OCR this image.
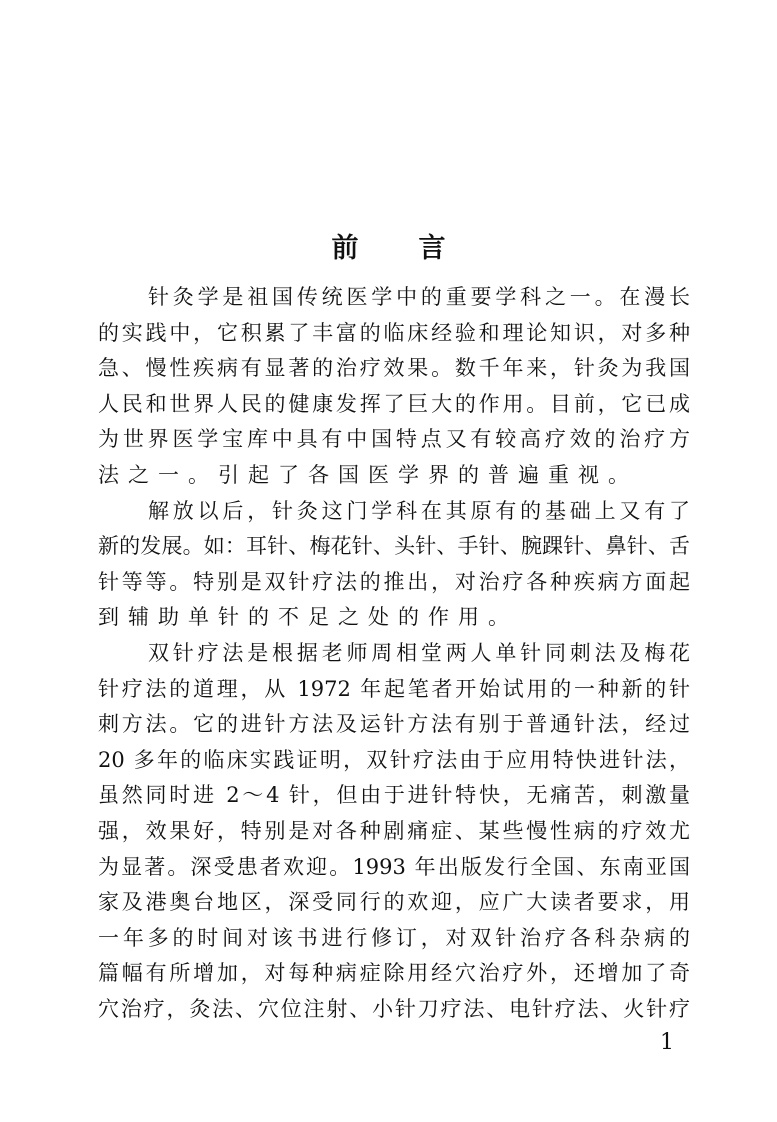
前 言
针灸学是祖国传统医学中的重要学科之一。在漫长
的实践中，它积累了丰富的临床经验和理论知识，对多种
急、慢性疾病有显著的治疗效果。数千年来，针灸为我国
人民和世界人民的健康发挥了巨大的作用。目前，它已成
为世界医学宝库中具有中国特点又有较高疗效的治疗方
法之一。引起了各国医学界的普遍重视。
解放以后，针灸这门学科在其原有的基础上又有了
新的发展。如：耳针、梅花针、头针、手针、腕踝针、鼻针、舌
针等等。特别是双针疗法的推出，对治疗各种疾病方面起
到辅助单针的不足之处的作用。
双针疗法是根据老师周相堂两人单针同刺法及梅花
针疗法的道理，从 1972 年起笔者开始试用的一种新的针
刺方法。它的进针方法及运针方法有别于普通针法，经过
20 多年的临床实践证明，双针疗法由于应用特快进针法，
虽然同时进 2～4 针，但由于进针特快，无痛苦，刺激量
强，效果好，特别是对各种剧痛症、某些慢性病的疗效尤
为显著。深受患者欢迎。1993 年出版发行全国、东南亚国
家及港奥台地区，深受同行的欢迎，应广大读者要求，用
一年多的时间对该书进行修订，对双针治疗各科杂病的
篇幅有所增加，对每种病症除用经穴治疗外，还增加了奇
穴治疗，灸法、穴位注射、小针刀疗法、电针疗法、火针疗
1
